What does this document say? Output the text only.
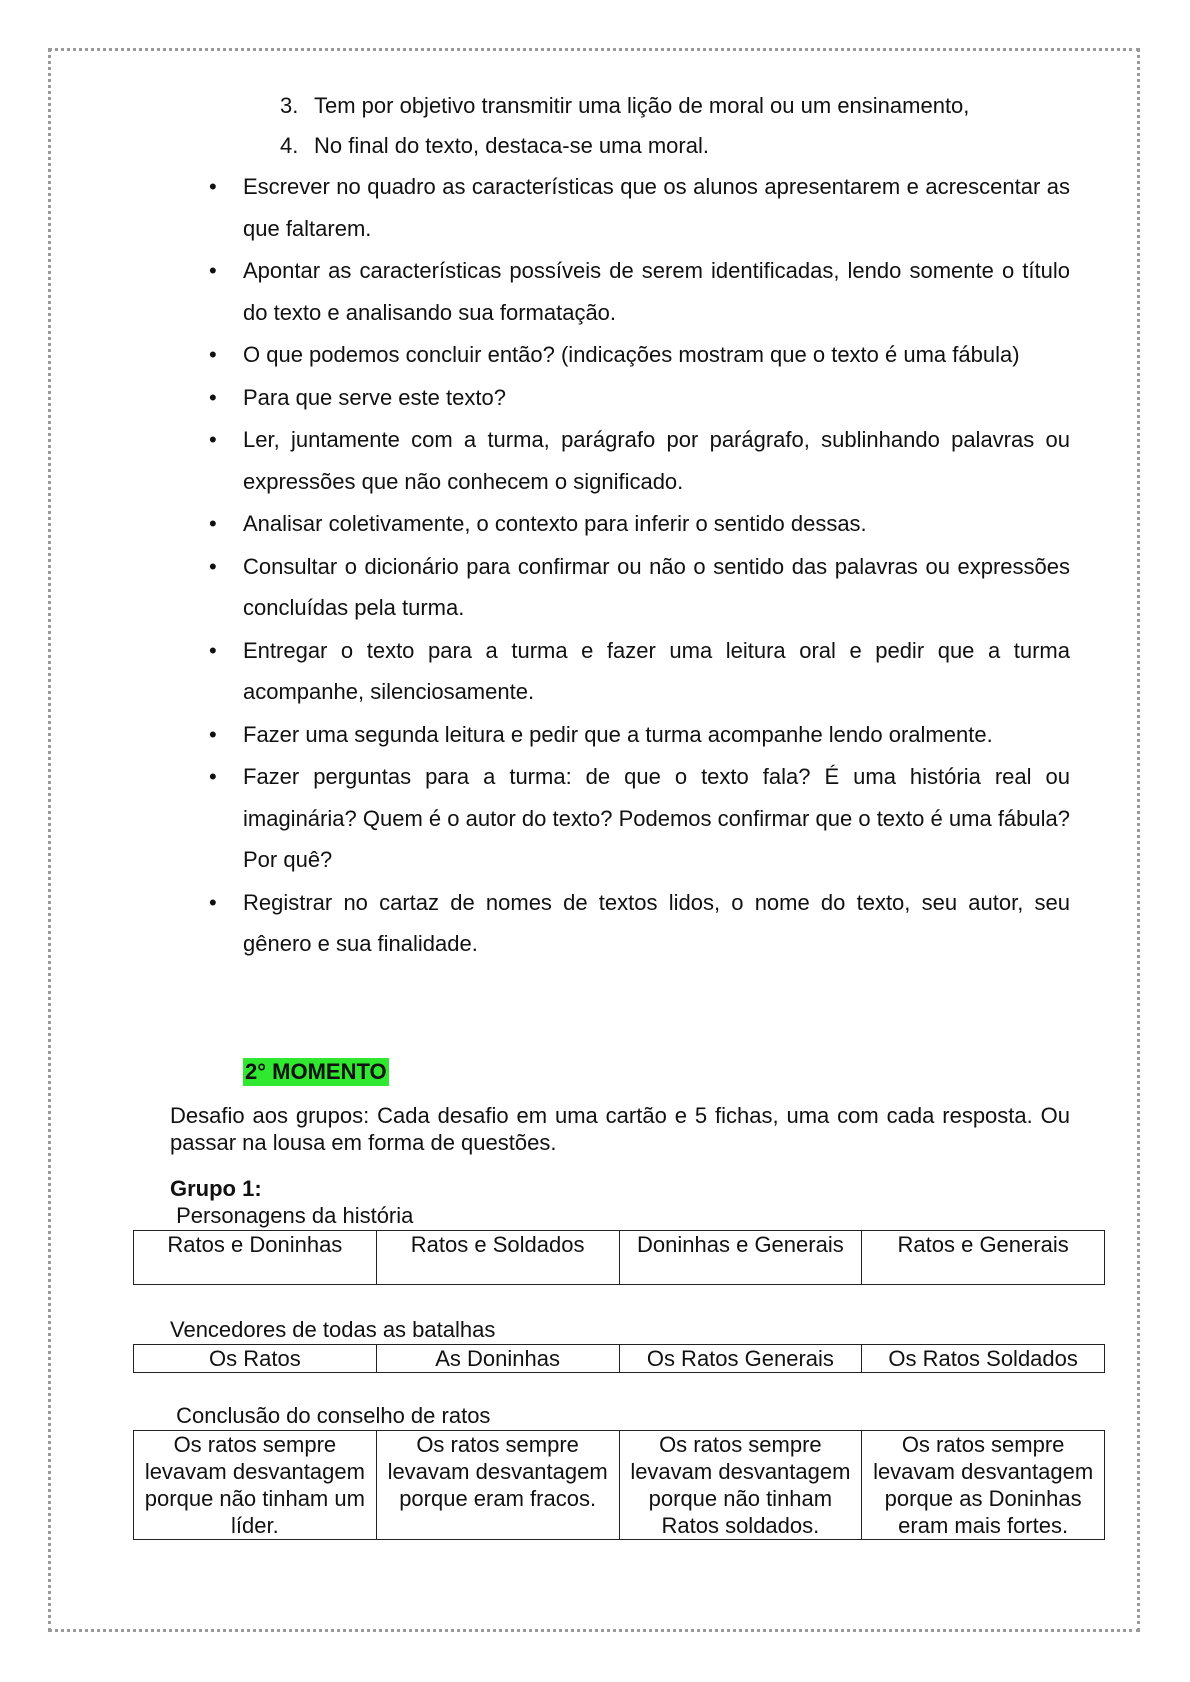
3. Tem por objetivo transmitir uma lição de moral ou um ensinamento,
4. No final do texto, destaca-se uma moral.
• Escrever no quadro as características que os alunos apresentarem e acrescentar as que faltarem.
• Apontar as características possíveis de serem identificadas, lendo somente o título do texto e analisando sua formatação.
• O que podemos concluir então? (indicações mostram que o texto é uma fábula)
• Para que serve este texto?
• Ler, juntamente com a turma, parágrafo por parágrafo, sublinhando palavras ou expressões que não conhecem o significado.
• Analisar coletivamente, o contexto para inferir o sentido dessas.
• Consultar o dicionário para confirmar ou não o sentido das palavras ou expressões concluídas pela turma.
• Entregar o texto para a turma e fazer uma leitura oral e pedir que a turma acompanhe, silenciosamente.
• Fazer uma segunda leitura e pedir que a turma acompanhe lendo oralmente.
• Fazer perguntas para a turma: de que o texto fala? É uma história real ou imaginária? Quem é o autor do texto? Podemos confirmar que o texto é uma fábula? Por quê?
• Registrar no cartaz de nomes de textos lidos, o nome do texto, seu autor, seu gênero e sua finalidade.
2° MOMENTO

Desafio aos grupos: Cada desafio em uma cartão e 5 fichas, uma com cada resposta. Ou passar na lousa em forma de questões.

Grupo 1:
Personagens da história
Ratos e Doninhas	Ratos e Soldados	Doninhas e Generais	Ratos e Generais
Vencedores de todas as batalhas
Os Ratos	As Doninhas	Os Ratos Generais	Os Ratos Soldados
Conclusão do conselho de ratos
Os ratos sempre levavam desvantagem porque não tinham um líder.	Os ratos sempre levavam desvantagem porque eram fracos.	Os ratos sempre levavam desvantagem porque não tinham Ratos soldados.	Os ratos sempre levavam desvantagem porque as Doninhas eram mais fortes.
